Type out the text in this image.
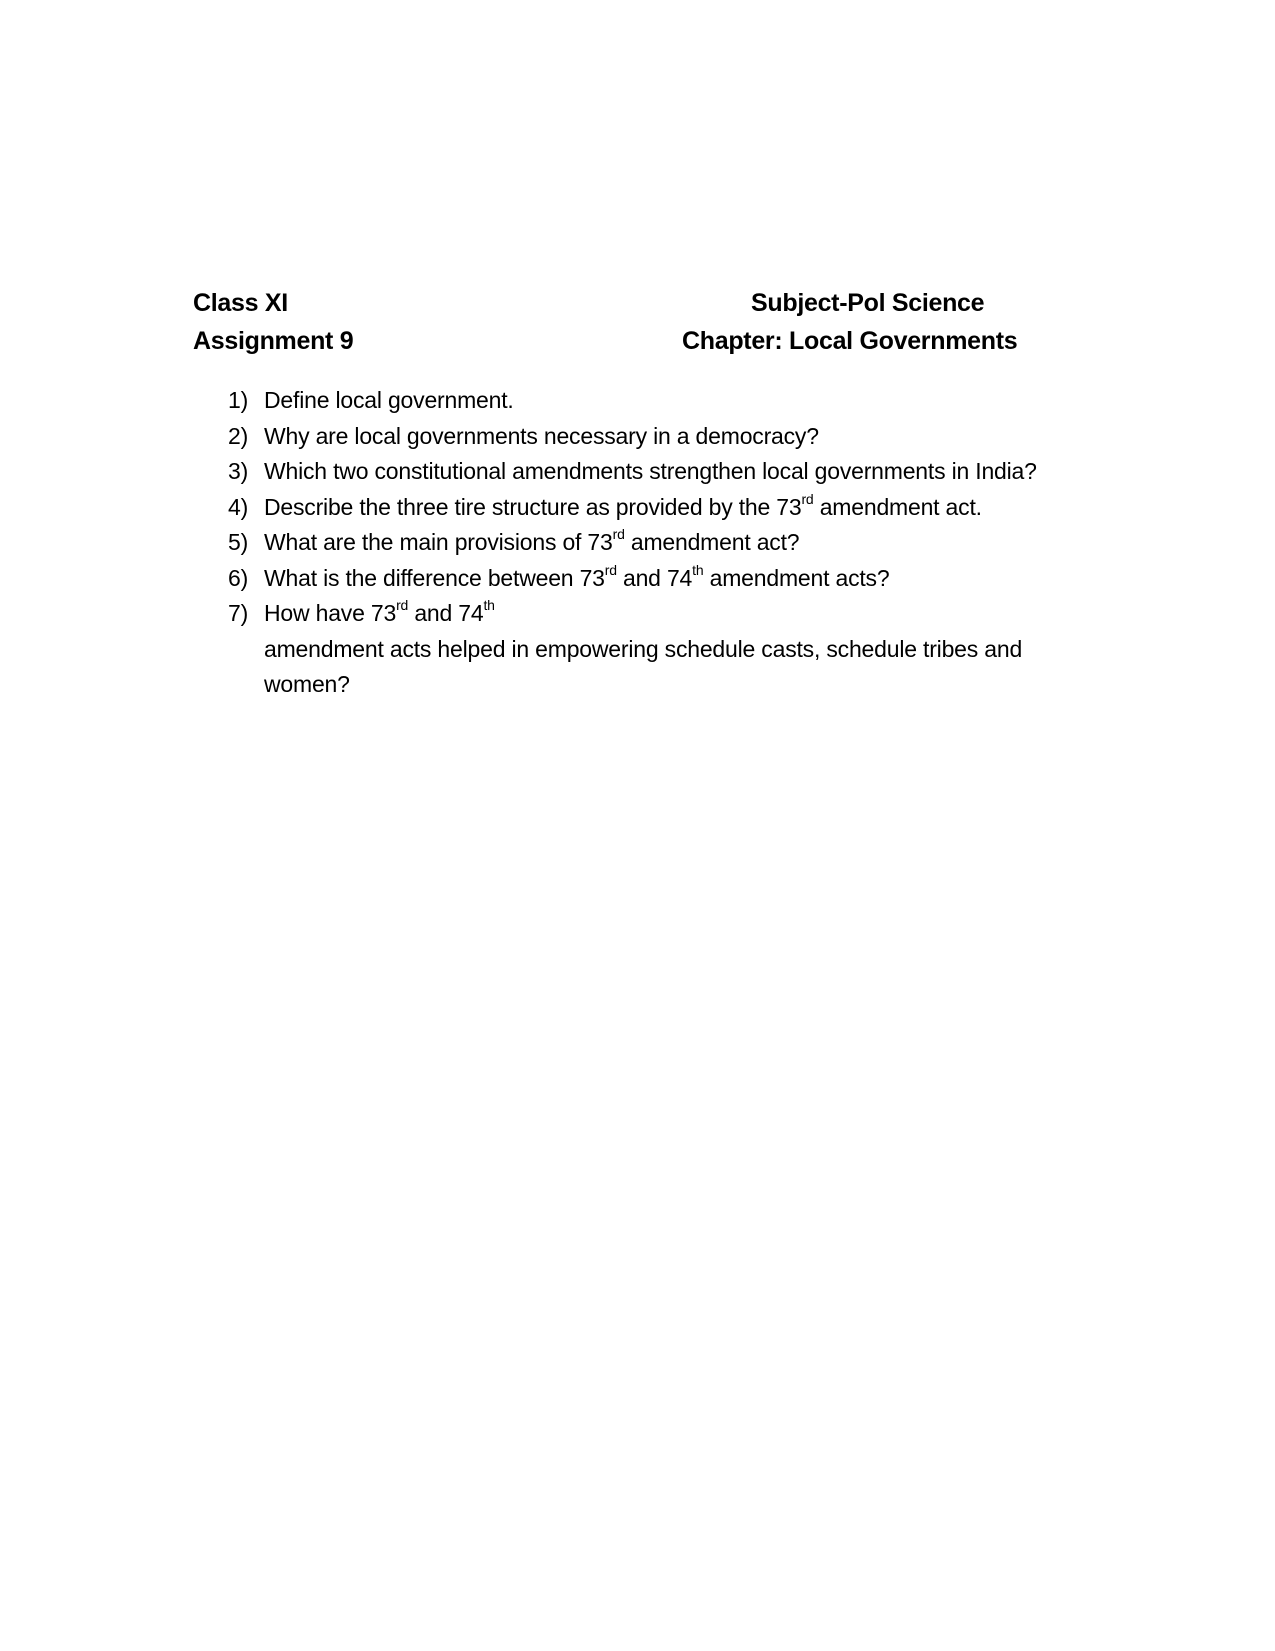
Class XI	Subject-Pol Science
Assignment 9	Chapter: Local Governments
1) Define local government.
2) Why are local governments necessary in a democracy?
3) Which two constitutional amendments strengthen local governments in India?
4) Describe the three tire structure as provided by the 73rd amendment act.
5) What are the main provisions of 73rd amendment act?
6) What is the difference between 73rd and 74th amendment acts?
7) How have 73rd and 74th
amendment acts helped in empowering schedule casts, schedule tribes and women?
